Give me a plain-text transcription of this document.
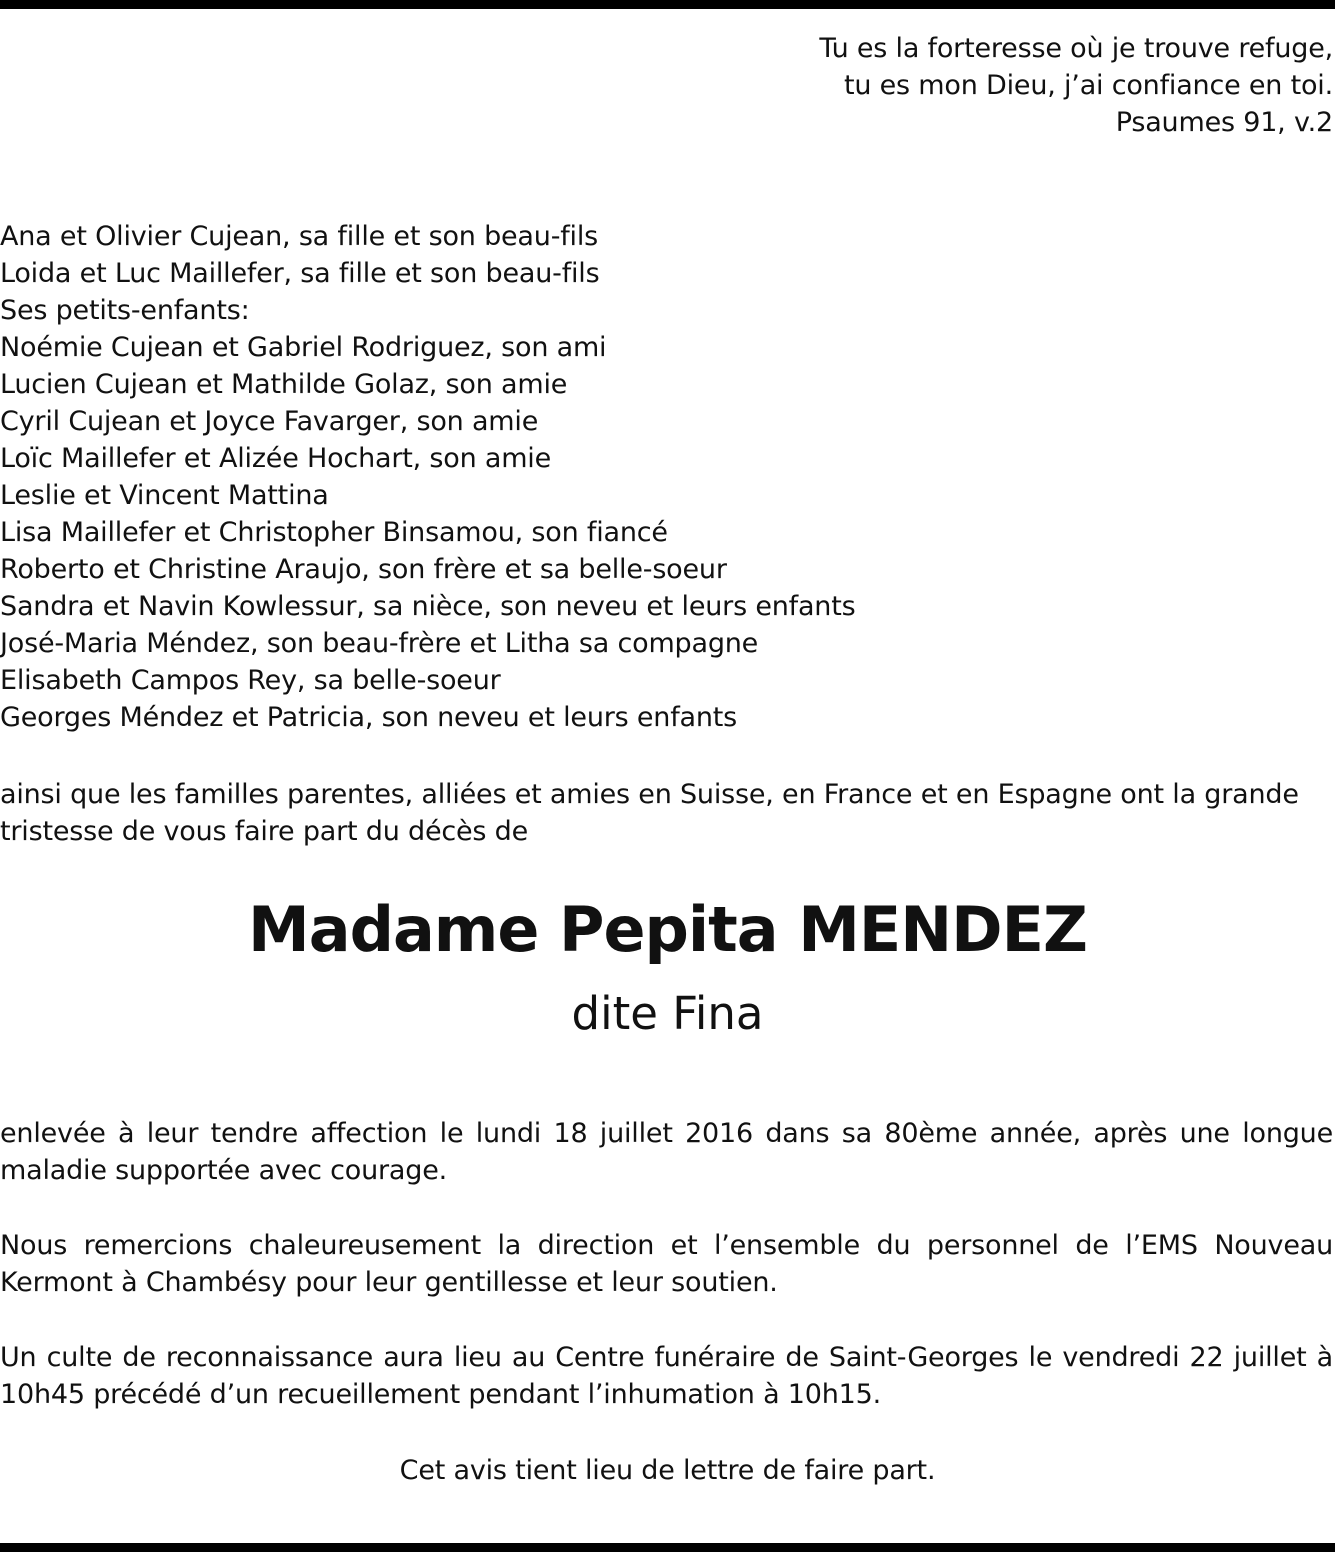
Tu es la forteresse où je trouve refuge,
tu es mon Dieu, j’ai confiance en toi.
Psaumes 91, v.2
Ana et Olivier Cujean, sa fille et son beau-fils
Loida et Luc Maillefer, sa fille et son beau-fils
Ses petits-enfants:
Noémie Cujean et Gabriel Rodriguez, son ami
Lucien Cujean et Mathilde Golaz, son amie
Cyril Cujean et Joyce Favarger, son amie
Loïc Maillefer et Alizée Hochart, son amie
Leslie et Vincent Mattina
Lisa Maillefer et Christopher Binsamou, son fiancé
Roberto et Christine Araujo, son frère et sa belle-soeur
Sandra et Navin Kowlessur, sa nièce, son neveu et leurs enfants
José-Maria Méndez, son beau-frère et Litha sa compagne
Elisabeth Campos Rey, sa belle-soeur
Georges Méndez et Patricia, son neveu et leurs enfants
ainsi que les familles parentes, alliées et amies en Suisse, en France et en Espagne ont la grande tristesse de vous faire part du décès de
Madame Pepita MENDEZ
dite Fina
enlevée à leur tendre affection le lundi 18 juillet 2016 dans sa 80ème année, après une longue maladie supportée avec courage.
Nous remercions chaleureusement la direction et l’ensemble du personnel de l’EMS Nouveau Kermont à Chambésy pour leur gentillesse et leur soutien.
Un culte de reconnaissance aura lieu au Centre funéraire de Saint-Georges le vendredi 22 juillet à 10h45 précédé d’un recueillement pendant l’inhumation à 10h15.
Cet avis tient lieu de lettre de faire part.
